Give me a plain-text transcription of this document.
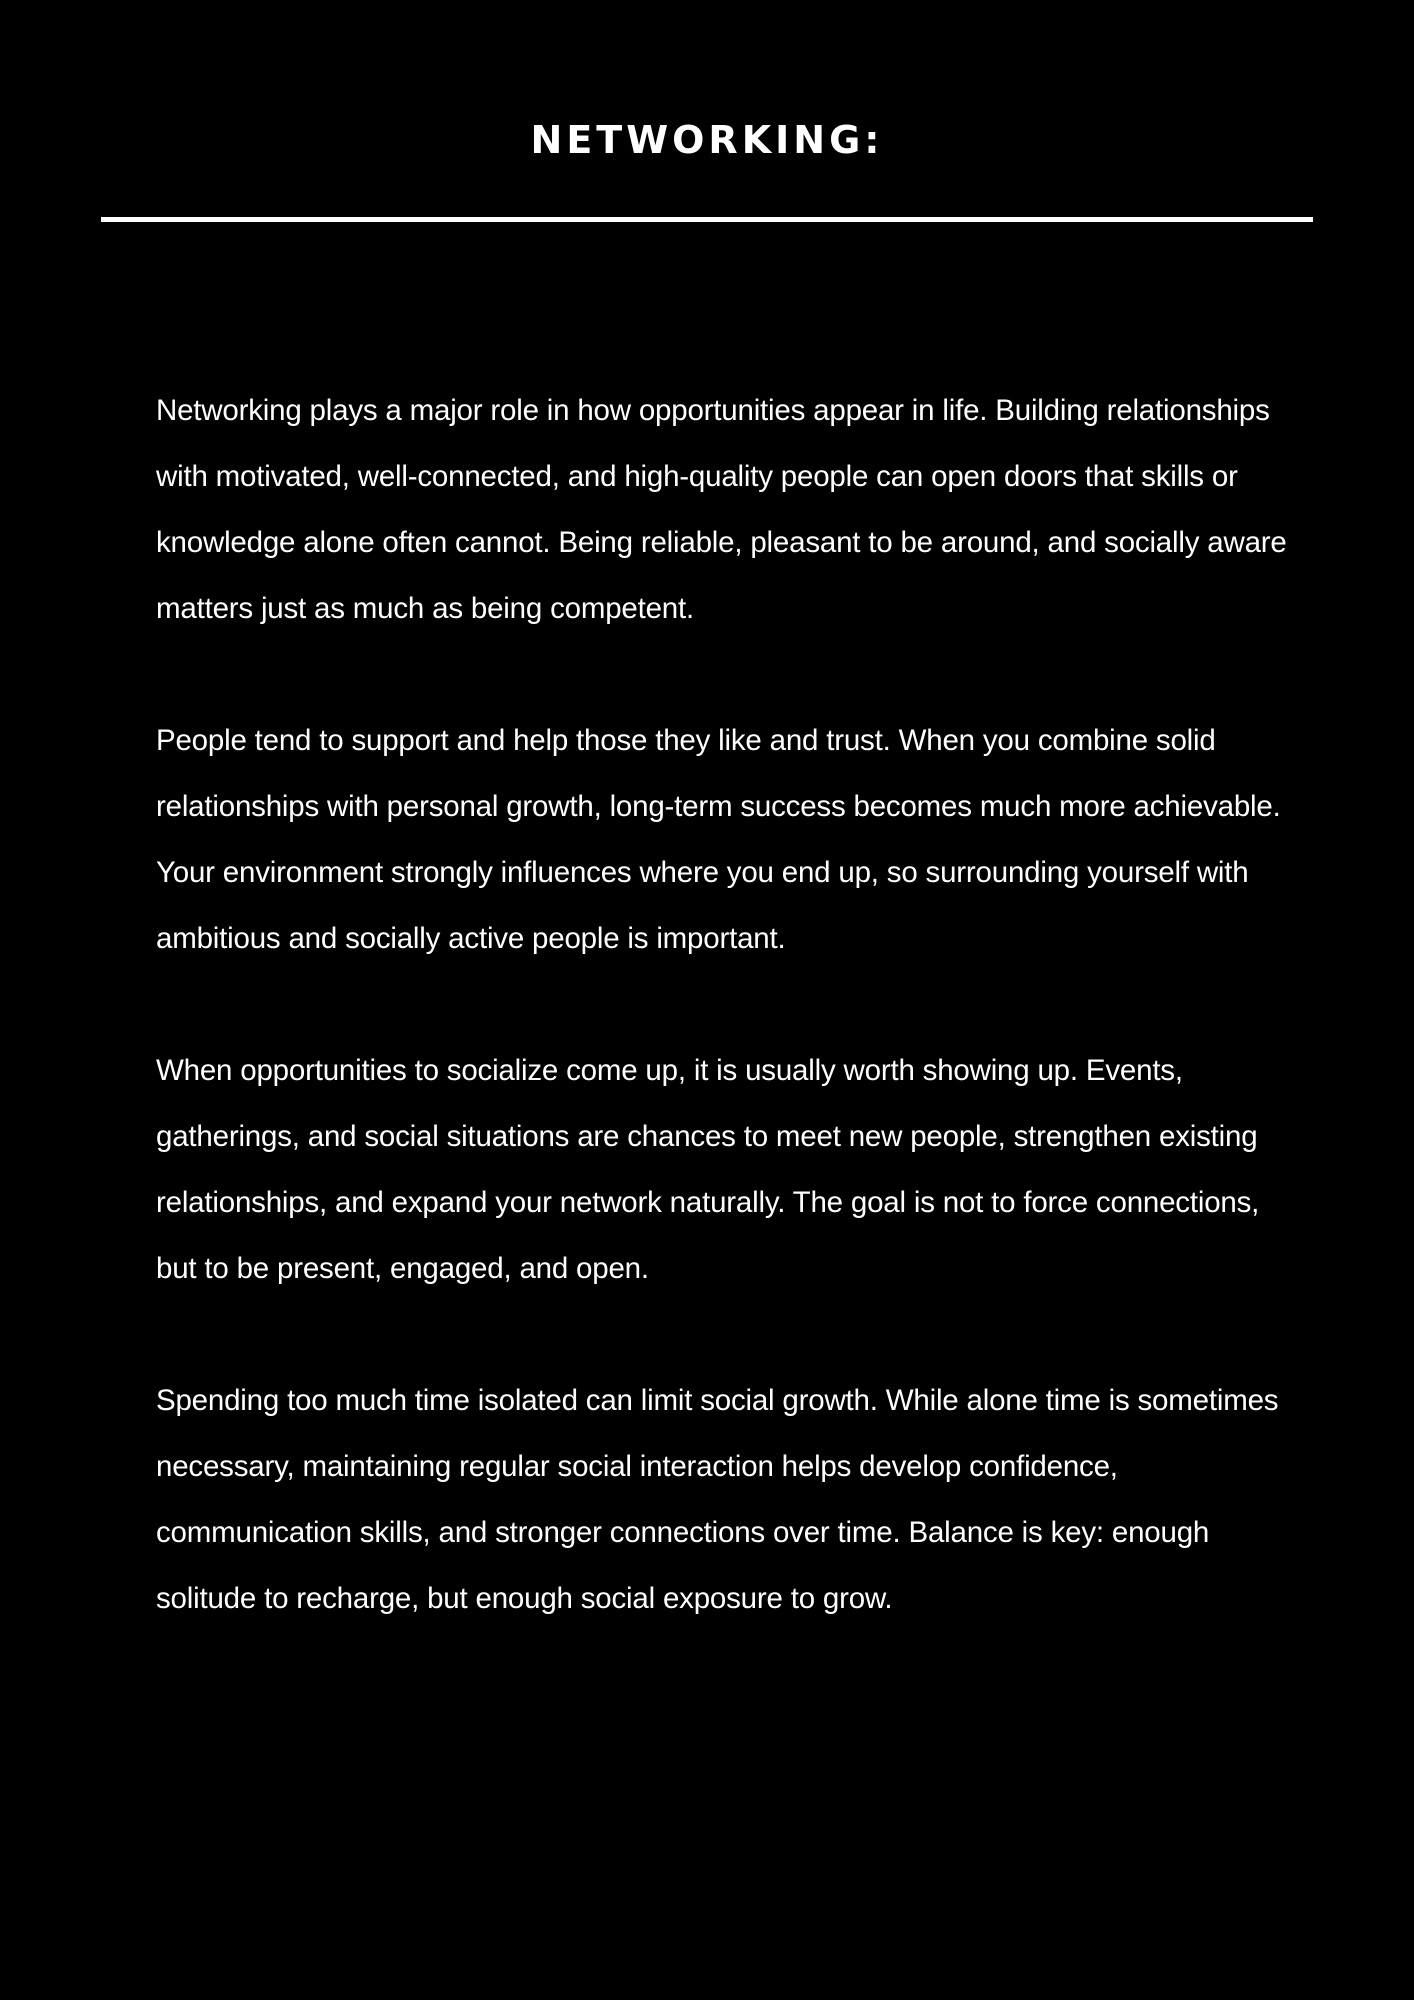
NETWORKING:

Networking plays a major role in how opportunities appear in life. Building relationships with motivated, well-connected, and high-quality people can open doors that skills or knowledge alone often cannot. Being reliable, pleasant to be around, and socially aware matters just as much as being competent.

People tend to support and help those they like and trust. When you combine solid relationships with personal growth, long-term success becomes much more achievable.

Your environment strongly influences where you end up, so surrounding yourself with ambitious and socially active people is important.

When opportunities to socialize come up, it is usually worth showing up. Events, gatherings, and social situations are chances to meet new people, strengthen existing relationships, and expand your network naturally. The goal is not to force connections, but to be present, engaged, and open.

Spending too much time isolated can limit social growth. While alone time is sometimes necessary, maintaining regular social interaction helps develop confidence, communication skills, and stronger connections over time. Balance is key: enough solitude to recharge, but enough social exposure to grow.
